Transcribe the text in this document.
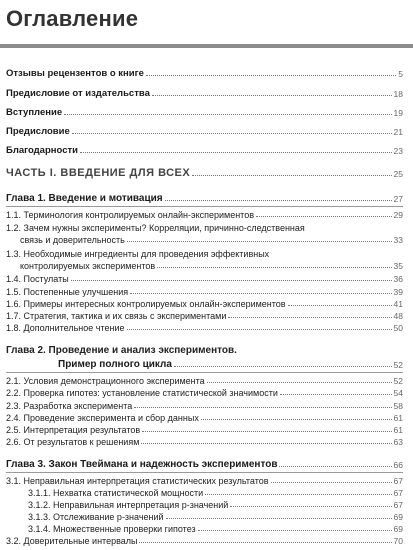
Оглавление
Отзывы рецензентов о книге	5
Предисловие от издательства	18
Вступление	19
Предисловие	21
Благодарности	23
ЧАСТЬ I. ВВЕДЕНИЕ ДЛЯ ВСЕХ	25
Глава 1. Введение и мотивация	27
1.1. Терминология контролируемых онлайн-экспериментов	29
1.2. Зачем нужны эксперименты? Корреляции, причинно-следственная
связь и доверительность	33
1.3. Необходимые ингредиенты для проведения эффективных
контролируемых экспериментов	35
1.4. Постулаты	36
1.5. Постепенные улучшения	39
1.6. Примеры интересных контролируемых онлайн-экспериментов	41
1.7. Стратегия, тактика и их связь с экспериментами	48
1.8. Дополнительное чтение	50
Глава 2. Проведение и анализ экспериментов.
Пример полного цикла	52
2.1. Условия демонстрационного эксперимента	52
2.2. Проверка гипотез: установление статистической значимости	54
2.3. Разработка эксперимента	58
2.4. Проведение эксперимента и сбор данных	61
2.5. Интерпретация результатов	61
2.6. От результатов к решениям	63
Глава 3. Закон Твеймана и надежность экспериментов	66
3.1. Неправильная интерпретация статистических результатов	67
3.1.1. Нехватка статистической мощности	67
3.1.2. Неправильная интерпретация p-значений	67
3.1.3. Отслеживание p-значений	69
3.1.4. Множественные проверки гипотез	69
3.2. Доверительные интервалы	70
